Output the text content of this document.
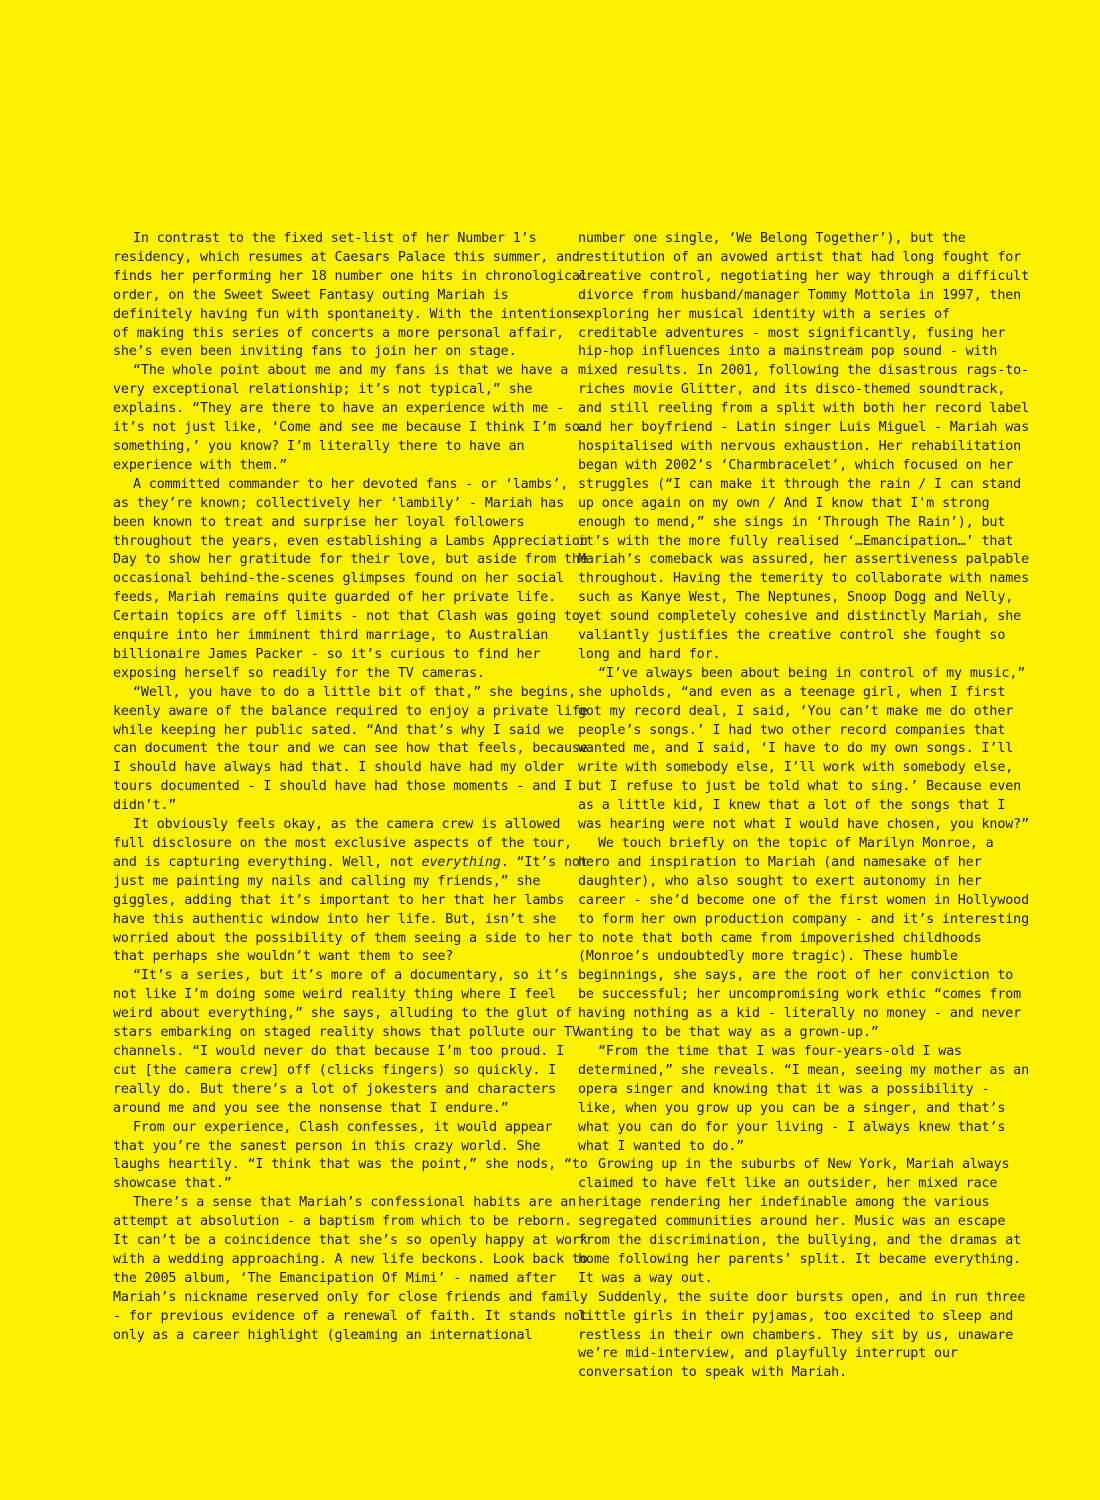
In contrast to the fixed set-list of her Number 1’s residency, which resumes at Caesars Palace this summer, and finds her performing her 18 number one hits in chronological order, on the Sweet Sweet Fantasy outing Mariah is definitely having fun with spontaneity. With the intentions of making this series of concerts a more personal affair, she’s even been inviting fans to join her on stage.

“The whole point about me and my fans is that we have a very exceptional relationship; it’s not typical,” she explains. “They are there to have an experience with me - it’s not just like, ‘Come and see me because I think I’m so…something,’ you know? I’m literally there to have an experience with them.”

A committed commander to her devoted fans - or ‘lambs’, as they’re known; collectively her ‘lambily’ - Mariah has been known to treat and surprise her loyal followers throughout the years, even establishing a Lambs Appreciation Day to show her gratitude for their love, but aside from the occasional behind-the-scenes glimpses found on her social feeds, Mariah remains quite guarded of her private life. Certain topics are off limits - not that Clash was going to enquire into her imminent third marriage, to Australian billionaire James Packer - so it’s curious to find her exposing herself so readily for the TV cameras.

“Well, you have to do a little bit of that,” she begins, keenly aware of the balance required to enjoy a private life while keeping her public sated. “And that’s why I said we can document the tour and we can see how that feels, because I should have always had that. I should have had my older tours documented - I should have had those moments - and I didn’t.”

It obviously feels okay, as the camera crew is allowed full disclosure on the most exclusive aspects of the tour, and is capturing everything. Well, not everything. “It’s not just me painting my nails and calling my friends,” she giggles, adding that it’s important to her that her lambs have this authentic window into her life. But, isn’t she worried about the possibility of them seeing a side to her that perhaps she wouldn’t want them to see?

“It’s a series, but it’s more of a documentary, so it’s not like I’m doing some weird reality thing where I feel weird about everything,” she says, alluding to the glut of stars embarking on staged reality shows that pollute our TV channels. “I would never do that because I’m too proud. I cut [the camera crew] off (clicks fingers) so quickly. I really do. But there’s a lot of jokesters and characters around me and you see the nonsense that I endure.”

From our experience, Clash confesses, it would appear that you’re the sanest person in this crazy world. She laughs heartily. “I think that was the point,” she nods, “to showcase that.”

There’s a sense that Mariah’s confessional habits are an attempt at absolution - a baptism from which to be reborn. It can’t be a coincidence that she’s so openly happy at work with a wedding approaching. A new life beckons. Look back to the 2005 album, ‘The Emancipation Of Mimi’ - named after Mariah’s nickname reserved only for close friends and family - for previous evidence of a renewal of faith. It stands not only as a career highlight (gleaming an international

number one single, ‘We Belong Together’), but the restitution of an avowed artist that had long fought for creative control, negotiating her way through a difficult divorce from husband/manager Tommy Mottola in 1997, then exploring her musical identity with a series of creditable adventures - most significantly, fusing her hip-hop influences into a mainstream pop sound - with mixed results. In 2001, following the disastrous rags-to-riches movie Glitter, and its disco-themed soundtrack, and still reeling from a split with both her record label and her boyfriend - Latin singer Luis Miguel - Mariah was hospitalised with nervous exhaustion. Her rehabilitation began with 2002’s ‘Charmbracelet’, which focused on her struggles (“I can make it through the rain / I can stand up once again on my own / And I know that I'm strong enough to mend,” she sings in ‘Through The Rain’), but it’s with the more fully realised ‘…Emancipation…’ that Mariah’s comeback was assured, her assertiveness palpable throughout. Having the temerity to collaborate with names such as Kanye West, The Neptunes, Snoop Dogg and Nelly, yet sound completely cohesive and distinctly Mariah, she valiantly justifies the creative control she fought so long and hard for.

“I’ve always been about being in control of my music,” she upholds, “and even as a teenage girl, when I first got my record deal, I said, ‘You can’t make me do other people’s songs.’ I had two other record companies that wanted me, and I said, ‘I have to do my own songs. I’ll write with somebody else, I’ll work with somebody else, but I refuse to just be told what to sing.’ Because even as a little kid, I knew that a lot of the songs that I was hearing were not what I would have chosen, you know?”

We touch briefly on the topic of Marilyn Monroe, a hero and inspiration to Mariah (and namesake of her daughter), who also sought to exert autonomy in her career - she’d become one of the first women in Hollywood to form her own production company - and it’s interesting to note that both came from impoverished childhoods (Monroe’s undoubtedly more tragic). These humble beginnings, she says, are the root of her conviction to be successful; her uncompromising work ethic “comes from having nothing as a kid - literally no money - and never wanting to be that way as a grown-up.”

“From the time that I was four-years-old I was determined,” she reveals. “I mean, seeing my mother as an opera singer and knowing that it was a possibility - like, when you grow up you can be a singer, and that’s what you can do for your living - I always knew that’s what I wanted to do.”

Growing up in the suburbs of New York, Mariah always claimed to have felt like an outsider, her mixed race heritage rendering her indefinable among the various segregated communities around her. Music was an escape from the discrimination, the bullying, and the dramas at home following her parents’ split. It became everything. It was a way out.

Suddenly, the suite door bursts open, and in run three little girls in their pyjamas, too excited to sleep and restless in their own chambers. They sit by us, unaware we’re mid-interview, and playfully interrupt our conversation to speak with Mariah.
